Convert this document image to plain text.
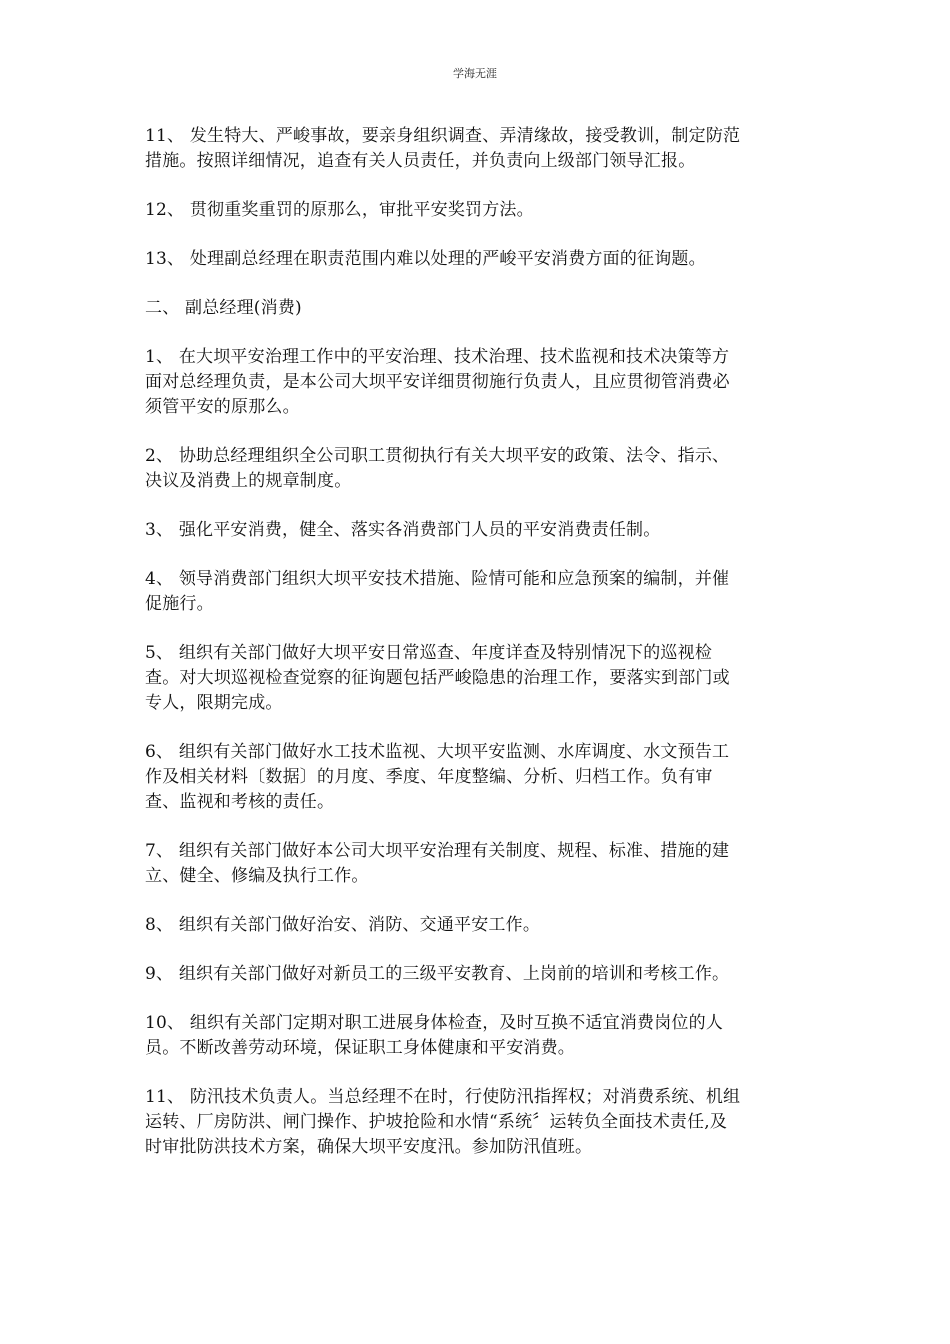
学海无涯
11、 发生特大、严峻事故，要亲身组织调查、弄清缘故，接受教训，制定防范
措施。按照详细情况，追查有关人员责任，并负责向上级部门领导汇报。
12、 贯彻重奖重罚的原那么，审批平安奖罚方法。
13、 处理副总经理在职责范围内难以处理的严峻平安消费方面的征询题。
二、 副总经理(消费)
1、 在大坝平安治理工作中的平安治理、技术治理、技术监视和技术决策等方
面对总经理负责，是本公司大坝平安详细贯彻施行负责人，且应贯彻管消费必
须管平安的原那么。
2、 协助总经理组织全公司职工贯彻执行有关大坝平安的政策、法令、指示、
决议及消费上的规章制度。
3、 强化平安消费，健全、落实各消费部门人员的平安消费责任制。
4、 领导消费部门组织大坝平安技术措施、险情可能和应急预案的编制，并催
促施行。
5、 组织有关部门做好大坝平安日常巡查、年度详查及特别情况下的巡视检
查。对大坝巡视检查觉察的征询题包括严峻隐患的治理工作，要落实到部门或
专人，限期完成。
6、 组织有关部门做好水工技术监视、大坝平安监测、水库调度、水文预告工
作及相关材料〔数据〕的月度、季度、年度整编、分析、归档工作。负有审
查、监视和考核的责任。
7、 组织有关部门做好本公司大坝平安治理有关制度、规程、标准、措施的建
立、健全、修编及执行工作。
8、 组织有关部门做好治安、消防、交通平安工作。
9、 组织有关部门做好对新员工的三级平安教育、上岗前的培训和考核工作。
10、 组织有关部门定期对职工进展身体检查，及时互换不适宜消费岗位的人
员。不断改善劳动环境，保证职工身体健康和平安消费。
11、 防汛技术负责人。当总经理不在时，行使防汛指挥权；对消费系统、机组
运转、厂房防洪、闸门操作、护坡抢险和水情“系统〞运转负全面技术责任,及
时审批防洪技术方案，确保大坝平安度汛。参加防汛值班。
